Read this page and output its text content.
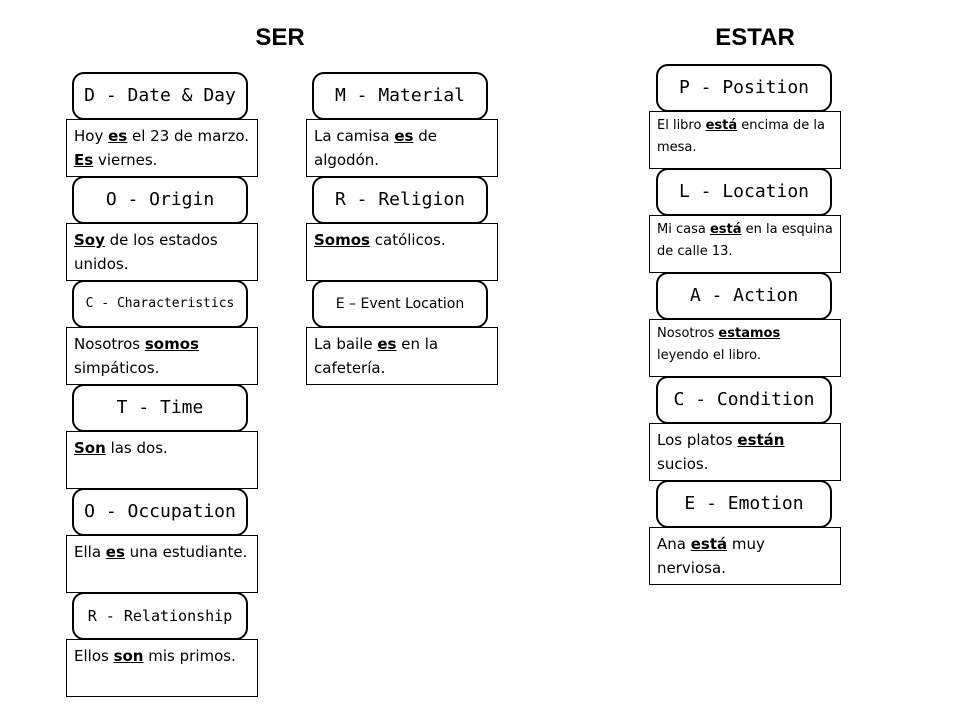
SER	ESTAR
D - Date & Day
Hoy es el 23 de marzo. Es viernes.
O - Origin
Soy de los estados unidos.
C - Characteristics
Nosotros somos simpáticos.
T - Time
Son las dos.
O - Occupation
Ella es una estudiante.
R - Relationship
Ellos son mis primos.
M - Material
La camisa es de algodón.
R - Religion
Somos católicos.
E – Event Location
La baile es en la cafetería.
P - Position
El libro está encima de la mesa.
L - Location
Mi casa está en la esquina de calle 13.
A - Action
Nosotros estamos leyendo el libro.
C - Condition
Los platos están sucios.
E - Emotion
Ana está muy nerviosa.
